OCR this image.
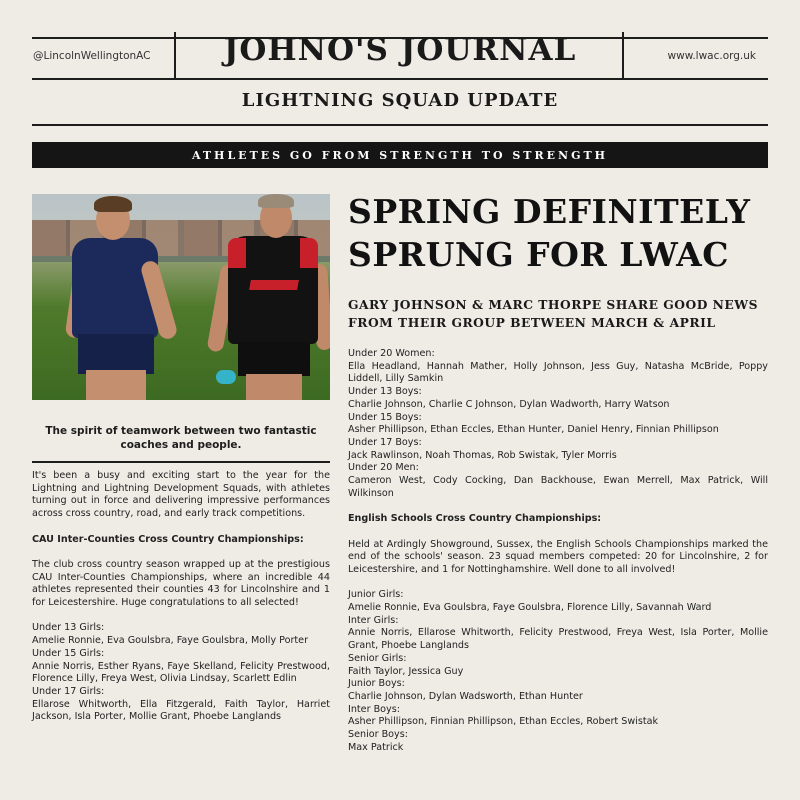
@LincolnWellingtonAC	JOHNO'S JOURNAL	www.lwac.org.uk
LIGHTNING SQUAD UPDATE
ATHLETES GO FROM STRENGTH TO STRENGTH
The spirit of teamwork between two fantastic coaches and people.

It's been a busy and exciting start to the year for the Lightning and Lightning Development Squads, with athletes turning out in force and delivering impressive performances across cross country, road, and early track competitions.

CAU Inter-Counties Cross Country Championships:

The club cross country season wrapped up at the prestigious CAU Inter-Counties Championships, where an incredible 44 athletes represented their counties 43 for Lincolnshire and 1 for Leicestershire. Huge congratulations to all selected!

Under 13 Girls:

Amelie Ronnie, Eva Goulsbra, Faye Goulsbra, Molly Porter

Under 15 Girls:

Annie Norris, Esther Ryans, Faye Skelland, Felicity Prestwood, Florence Lilly, Freya West, Olivia Lindsay, Scarlett Edlin

Under 17 Girls:

Ellarose Whitworth, Ella Fitzgerald, Faith Taylor, Harriet Jackson, Isla Porter, Mollie Grant, Phoebe Langlands

SPRING DEFINITELY
SPRUNG FOR LWAC
GARY JOHNSON & MARC THORPE SHARE GOOD NEWS
FROM THEIR GROUP BETWEEN MARCH & APRIL

Under 20 Women:

Ella Headland, Hannah Mather, Holly Johnson, Jess Guy, Natasha McBride, Poppy Liddell, Lilly Samkin

Under 13 Boys:

Charlie Johnson, Charlie C Johnson, Dylan Wadworth, Harry Watson

Under 15 Boys:

Asher Phillipson, Ethan Eccles, Ethan Hunter, Daniel Henry, Finnian Phillipson

Under 17 Boys:

Jack Rawlinson, Noah Thomas, Rob Swistak, Tyler Morris

Under 20 Men:

Cameron West, Cody Cocking, Dan Backhouse, Ewan Merrell, Max Patrick, Will Wilkinson

English Schools Cross Country Championships:

Held at Ardingly Showground, Sussex, the English Schools Championships marked the end of the schools' season. 23 squad members competed: 20 for Lincolnshire, 2 for Leicestershire, and 1 for Nottinghamshire. Well done to all involved!

Junior Girls:

Amelie Ronnie, Eva Goulsbra, Faye Goulsbra, Florence Lilly, Savannah Ward

Inter Girls:

Annie Norris, Ellarose Whitworth, Felicity Prestwood, Freya West, Isla Porter, Mollie Grant, Phoebe Langlands

Senior Girls:

Faith Taylor, Jessica Guy

Junior Boys:

Charlie Johnson, Dylan Wadsworth, Ethan Hunter

Inter Boys:

Asher Phillipson, Finnian Phillipson, Ethan Eccles, Robert Swistak

Senior Boys:

Max Patrick
